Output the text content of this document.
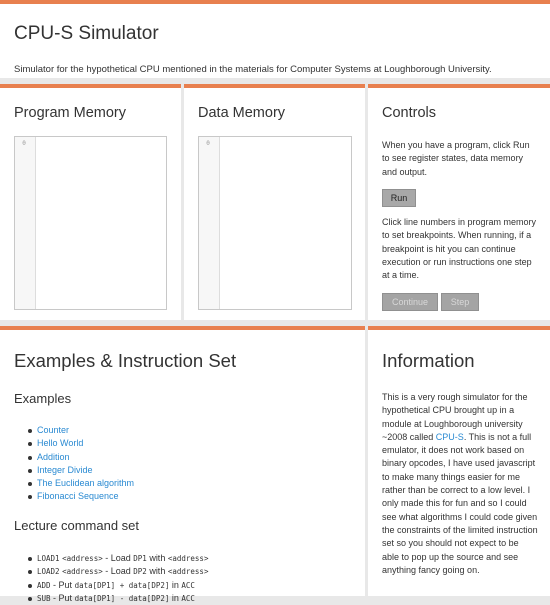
CPU-S Simulator

Simulator for the hypothetical CPU mentioned in the materials for Computer Systems at Loughborough University.

Program Memory
0
Data Memory
0
Controls

When you have a program, click Run to see register states, data memory and output.

Run

Click line numbers in program memory to set breakpoints. When running, if a breakpoint is hit you can continue execution or run instructions one step at a time.

Continue	Step
Examples & Instruction Set
Examples
Counter
Hello World
Addition
Integer Divide
The Euclidean algorithm
Fibonacci Sequence
Lecture command set
LOAD1 <address> - Load DP1 with <address>
LOAD2 <address> - Load DP2 with <address>
ADD - Put data[DP1] + data[DP2] in ACC
SUB - Put data[DP1] - data[DP2] in ACC
Information

This is a very rough simulator for the hypothetical CPU brought up in a module at Loughborough university ~2008 called CPU-S. This is not a full emulator, it does not work based on binary opcodes, I have used javascript to make many things easier for me rather than be correct to a low level. I only made this for fun and so I could see what algorithms I could code given the constraints of the limited instruction set so you should not expect to be able to pop up the source and see anything fancy going on.
